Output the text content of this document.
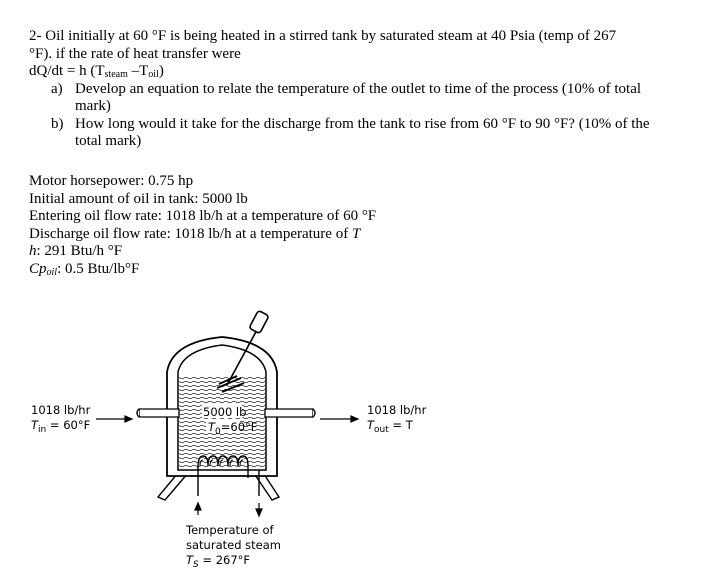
2- Oil initially at 60 °F is being heated in a stirred tank by saturated steam at 40 Psia (temp of 267
°F). if the rate of heat transfer were

dQ/dt = h ($T_{steam}$ $-T_{oil}$)

a) Develop an equation to relate the temperature of the outlet to time of the process (10% of total mark)
b) How long would it take for the discharge from the tank to rise from 60 °F to 90 °F? (10% of the total mark)

Motor horsepower: 0.75 hp

Initial amount of oil in tank: 5000 lb

Entering oil flow rate: 1018 lb/h at a temperature of 60 °F

Discharge oil flow rate: 1018 lb/h at a temperature of T

h: 291 Btu/h °F

$Cp_{oil}$: 0.5 Btu/lb°F

1018 lb/hr
$T_{in} = 60^\circ F$
5000 lb
$T_0=60^\circ F$
1018 lb/hr
$T_{out} = T$
Temperature of
saturated steam
$T_S = 267^\circ F$
